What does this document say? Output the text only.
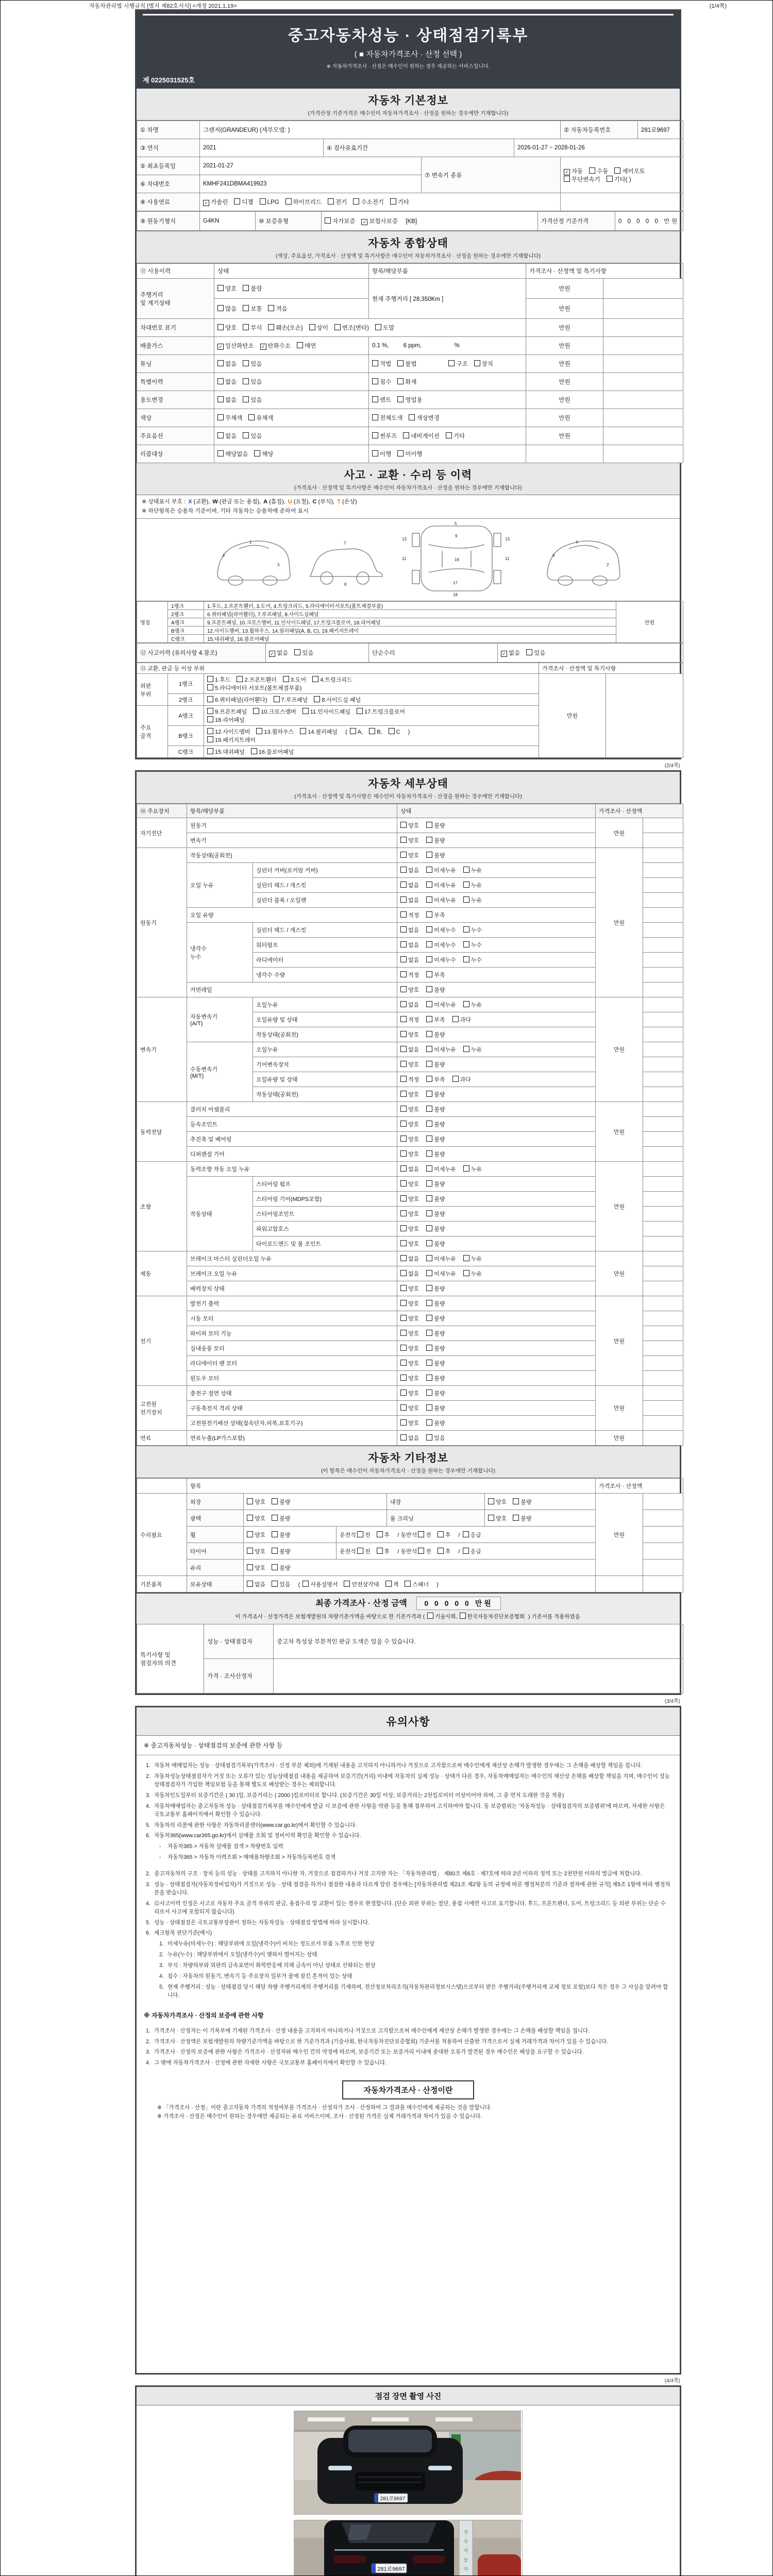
자동차관리법 시행규칙 [별지 제82호서식] <개정 2021.1.19>	(1/4쪽)
중고자동차성능 · 상태점검기록부
( ■ 자동차가격조사 · 산정 선택 )
※ 자동차가격조사 · 산정은 매수인이 원하는 경우 제공하는 서비스입니다.
제 0225031525호
자동차 기본정보
(가격산정 기준가격은 매수인이 자동차가격조사 · 산정을 원하는 경우에만 기재합니다)
① 차명	그랜저(GRANDEUR) (세부모델: )				② 자동차등록번호	281로9697
③ 연식	2021	④ 검사유효기간		2026-01-27 ~ 2028-01-26		
⑤ 최초등록일	2021-01-27		⑦ 변속기 종류		✓ 자동 수동 세미오토
무단변속기 기타( )	

⑥ 차대번호	KMHF241DBMA419923					
⑧ 사용연료	✓ 가솔린 디젤 LPG 하이브리드 전기 수소전기 기타					
⑨ 원동기형식	G4KN	⑩ 보증유형	자가보증 ✓ 보험사보증 [KB]	가격산정 기준가격	0 0 0 0 0 만원
자동차 종합상태
(색상, 주요옵션, 가격조사 · 산정액 및 특기사항은 매수인이 자동차가격조사 · 산정을 원하는 경우에만 기재합니다)
⑪ 사용이력	상태	항목/해당부품	가격조사 · 산정액 및 특기사항	
주행거리
및 계기상태	양호 불량	현재 주행거리 [ 28,350Km ]	만원	
	많음 보통 적음		만원	
차대번호 표기	양호 부식 훼손(오손) 상이 변조(변타) 도말		만원	
배출가스	✓ 일산화탄소 ✓ 탄화수소 매연	0.1 %, 6 ppm, %	만원	
튜닝	없음 있음	적법 불법 구조 장치	만원	
특별이력	없음 있음	침수 화재	만원	
용도변경	없음 있음	렌트 영업용	만원	
색상	무채색 유채색	전체도색 색상변경	만원	
주요옵션	없음 있음	썬루프 네비게이션 기타	만원	
리콜대상	해당없음 해당	이행 미이행		
사고 · 교환 · 수리 등 이력
(가격조사 · 산정액 및 특기사항은 매수인이 자동차가격조사 · 산정을 원하는 경우에만 기재합니다)
※ 상태표시 부호 : X (교환), W (판금 또는 용접), A (흠집), U (요철), C (부식), T (손상)
※ 하단항목은 승용차 기준이며, 기타 자동차는 승용차에 준하여 표시
1
2
3
7
8
5
9
16
17
18
11	11
13	13
4
6
2
명칭	1랭크	1.후드, 2.프론트휀더, 3.도어, 4.트렁크리드, 5.라디에이터서포트(볼트체결부품)	만원
	2랭크	6.쿼터패널(리어휀더), 7.루프패널, 8.사이드실패널	
	A랭크	9.프론트패널, 10.크로스멤버, 11.인사이드패널, 17.트렁크플로어, 18.리어패널	
	B랭크	12.사이드멤버, 13.휠하우스, 14.필러패널(A, B, C), 19.패키지트레이	
	C랭크	15.대쉬패널, 16.플로어패널	
⑫ 사고이력 (유의사항 4.참조)	✓ 없음 있음	단순수리	✓ 없음 있음
⑬ 교환, 판금 등 이상 부위			가격조사 · 산정액 및 특기사항	
외판
부위	1랭크	1.후드 2.프론트휀더 3.도어 4.트렁크리드
5.라디에이터 서포트(볼트체결부품)	만원	
	2랭크	6.쿼터패널(리어휀다) 7.루프패널 8.사이드실 패널		
주요
골격	A랭크	9.프론트패널 10.크로스멤버 11.인사이드패널 17.트렁크플로어
18.리어패널		
	B랭크	12.사이드멤버 13.휠하우스 14.필러패널 ( A, B, C )
19.패키지트레이		
	C랭크	15.대쉬패널 16.플로어패널		
(2/4쪽)
자동차 세부상태
(가격조사 · 산정액 및 특기사항은 매수인이 자동차가격조사 · 산정을 원하는 경우에만 기재합니다)
⑭ 주요장치	항목/해당부품		상태	가격조사 · 산정액	
자기진단	원동기		양호 불량	만원	
	변속기		양호 불량		
원동기	작동상태(공회전)		양호 불량	만원	
	오일 누유	실린더 커버(로커암 커버)	없음 미세누유 누유		
		실린더 헤드 / 개스킷	없음 미세누유 누유		
		실린더 블록 / 오일팬	없음 미세누유 누유		
	오일 유량		적정 부족		
	냉각수
누수	실린더 헤드 / 개스킷	없음 미세누수 누수		
		워터펌프	없음 미세누수 누수		
		라디에이터	없음 미세누수 누수		
		냉각수 수량	적정 부족		
	커먼레일		양호 불량		
변속기	자동변속기
(A/T)	오일누유	없음 미세누유 누유	만원	
		오일유량 및 상태	적정 부족 과다		
		작동상태(공회전)	양호 불량		
	수동변속기
(M/T)	오일누유	없음 미세누유 누유		
		기어변속장치	양호 불량		
		오일유량 및 상태	적정 부족 과다		
		작동상태(공회전)	양호 불량		
동력전달	클러치 어셈블리		양호 불량	만원	
	등속조인트		양호 불량		
	추진축 및 베어링		양호 불량		
	디퍼렌셜 기어		양호 불량		
조향	동력조향 작동 오일 누유		없음 미세누유 누유	만원	
	작동상태	스티어링 펌프	양호 불량		
		스티어링 기어(MDPS포함)	양호 불량		
		스티어링조인트	양호 불량		
		파워고압호스	양호 불량		
		타이로드엔드 및 볼 조인트	양호 불량		
제동	브레이크 마스터 실린더오일 누유		없음 미세누유 누유	만원	
	브레이크 오일 누유		없음 미세누유 누유		
	배력장치 상태		양호 불량		
전기	발전기 출력		양호 불량	만원	
	시동 모터		양호 불량		
	와이퍼 모터 기능		양호 불량		
	실내송풍 모터		양호 불량		
	라디에이터 팬 모터		양호 불량		
	윈도우 모터		양호 불량		
고전원
전기장치	충전구 절연 상태		양호 불량	만원	
	구동축전지 격리 상태		양호 불량		
	고전원전기배선 상태(접속단자,피복,보호기구)		양호 불량		
연료	연료누출(LP가스포함)		없음 있음	만원	
자동차 기타정보
(이 항목은 매수인이 자동차가격조사 · 산정을 원하는 경우에만 기재합니다)
	항목					가격조사 · 산정액	
수리필요	외장	양호 불량		내장	양호 불량	만원	
	광택	양호 불량		룸 크리닝	양호 불량		
	휠	양호 불량	운전석 전 후 / 동반석 전 후 / 응급				
	타이어	양호 불량	운전석 전 후 / 동반석 전 후 / 응급				
	유리	양호 불량					
기본품목	보유상태	없음 있음 ( 사용설명서 안전삼각대 잭 스패너 )					
최종 가격조사 · 산정 금액 0 0 0 0 0 만원
이 가격조사 · 산정가격은 보험개발원의 차량기준가액을 바탕으로 한 기준가격과 ( 기술사회, 한국자동차진단보증협회 ) 기준서를 적용하였음
특기사항 및
점검자의 의견	성능 · 상태점검자	중고차 특성상 부분적인 판금 도색은 있을 수 있습니다.
	가격 · 조사산정자	
(3/4쪽)
유의사항
※ 중고자동차성능 · 상태점검의 보증에 관한 사항 등
1. 자동차 매매업자는 성능 · 상태점검기록부(가격조사 · 산정 부분 제외)에 기재된 내용을 고지하지 아니하거나 거짓으로 고지함으로써 매수인에게 재산상 손해가 발생한 경우에는 그 손해를 배상할 책임을 집니다.
2. 자동차성능상태점검자가 거짓 또는 오류가 있는 성능상태점검 내용을 제공하여 보증기간(거리) 이내에 자동차의 실제 성능 · 상태가 다른 경우, 자동차매매업자는 매수인의 재산상 손해를 배상할 책임을 지며, 매수인이 성능상태점검자가 가입한 책임보험 등을 통해 별도로 배상받는 경우는 제외합니다.
3. 자동차인도일부터 보증기간은 ( 30 )일, 보증거리는 ( 2000 )킬로미터로 합니다. (보증기간은 30일 이상, 보증거리는 2천킬로미터 이상이어야 하며, 그 중 먼저 도래한 것을 적용)
4. 자동차매매업자는 중고자동차 성능 · 상태점검기록부를 매수인에게 발급 시 보증에 관한 사항을 약관 등을 통해 첨부하여 고지하여야 합니다. 동 보증범위는 '자동차성능 · 상태점검자의 보증범위'에 따르며, 자세한 사항은 국토교통부 홈페이지에서 확인할 수 있습니다.
5. 자동차의 리콜에 관한 사항은 자동차리콜센터(www.car.go.kr)에서 확인할 수 있습니다.
6. 자동차365(www.car365.go.kr)에서 실매물 조회 및 정비이력 확인을 확인할 수 있습니다.
-	자동차365 > 자동차 실매물 검색 > 차량번호 입력
-	자동차365 > 자동차 이력조회 > 매매용차량조회 > 자동차등록번호 검색
2. 중고자동차의 구조 · 장치 등의 성능 · 상태를 고지하지 아니한 자, 거짓으로 점검하거나 거짓 고지한 자는 「자동차관리법」 제80조 제6호 · 제7호에 따라 2년 이하의 징역 또는 2천만원 이하의 벌금에 처합니다.
3. 성능 · 상태점검자(자동차정비업자)가 거짓으로 성능 · 상태 점검을 하거나 점검한 내용과 다르게 알린 경우에는 [자동차관리법 제21조 제2항 등의 규정에 따른 행정처분의 기준과 절차에 관한 규칙] 제5조 1항에 따라 행정처분을 받습니다.
4. ⑫사고이력 인정은 사고로 자동차 주요 골격 부위의 판금, 용접수리 및 교환이 있는 경우로 한정합니다. (단순 외판 부위는 절단, 용접 시에만 사고로 표기합니다. 후드, 프론트펜더, 도어, 트렁크리드 등 외판 부위는 단순 수리로서 사고에 포함되지 않습니다)
5. 성능 · 상태점검은 국토교통부장관이 정하는 자동차성능 · 상태점검 방법에 따라 실시합니다.
6. 체크항목 판단기준(예시)
1. 미세누유(미세누수) : 해당부위에 오일(냉각수)이 비치는 정도로서 부품 노후로 인한 현상
2. 누유(누수) : 해당부위에서 오일(냉각수)이 맺혀서 떨어지는 상태
3. 부식 : 차량하부와 외판의 금속표면이 화학반응에 의해 금속이 아닌 상태로 산화되는 현상
4. 침수 : 자동차의 원동기, 변속기 등 주요장치 일부가 물에 잠긴 흔적이 있는 상태
5. 현재 주행거리 : 성능 · 상태점검 당시 해당 차량 주행거리계의 주행거리를 기재하며, 전산정보처리조직(자동차관리정보시스템)으로부터 받은 주행거리(주행거리계 교체 정보 포함)보다 적은 경우 그 사실을 알려야 합니다.
※ 자동차가격조사 · 산정의 보증에 관한 사항
1. 가격조사 · 산정자는 이 기록부에 기재된 가격조사 · 산정 내용을 고지하지 아니하거나 거짓으로 고지함으로써 매수인에게 재산상 손해가 발생한 경우에는 그 손해를 배상할 책임을 집니다.
2. 가격조사 · 산정액은 보험개발원의 차량기준가액을 바탕으로 한 기준가격과 (기술사회, 한국자동차진단보증협회) 기준서를 적용하여 산출한 가격으로서 실제 거래가격과 차이가 있을 수 있습니다.
3. 가격조사 · 산정의 보증에 관한 사항은 가격조사 · 산정자와 매수인 간의 약정에 따르며, 보증기간 또는 보증거리 이내에 중대한 오류가 발견된 경우 매수인은 배상을 요구할 수 있습니다.
4. 그 밖에 자동차가격조사 · 산정에 관한 자세한 사항은 국토교통부 홈페이지에서 확인할 수 있습니다.
자동차가격조사 · 산정이란
※ 「가격조사 · 산정」이란 중고자동차 가격의 적정여부를 가격조사 · 산정자가 조사 · 산정하여 그 결과를 매수인에게 제공하는 것을 말합니다.
※ 가격조사 · 산정은 매수인이 원하는 경우에만 제공되는 유료 서비스이며, 조사 · 산정된 가격은 실제 거래가격과 차이가 있을 수 있습니다.
(4/4쪽)
점검 장면 촬영 사진
281로9697
전
국
자
동
차
281로9697
